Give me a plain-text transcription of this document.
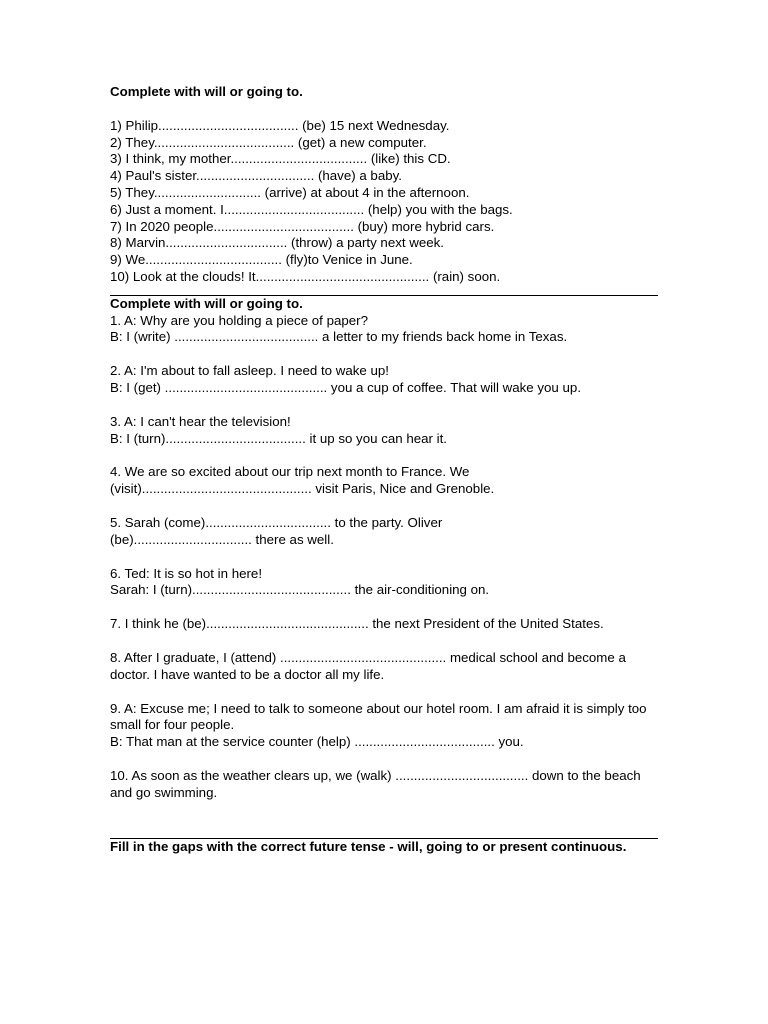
Complete with will or going to.

1) Philip...................................... (be) 15 next Wednesday.

2) They...................................... (get) a new computer.

3) I think, my mother..................................... (like) this CD.

4) Paul's sister................................ (have) a baby.

5) They............................. (arrive) at about 4 in the afternoon.

6) Just a moment. I...................................... (help) you with the bags.

7) In 2020 people...................................... (buy) more hybrid cars.

8) Marvin................................. (throw) a party next week.

9) We..................................... (fly)to Venice in June.

10) Look at the clouds! It............................................... (rain) soon.

Complete with will or going to.

1. A: Why are you holding a piece of paper?

B: I (write) ....................................... a letter to my friends back home in Texas.

2. A: I'm about to fall asleep. I need to wake up!

B: I (get) ............................................ you a cup of coffee. That will wake you up.

3. A: I can't hear the television!

B: I (turn)...................................... it up so you can hear it.

4. We are so excited about our trip next month to France. We (visit).............................................. visit Paris, Nice and Grenoble.

5. Sarah (come).................................. to the party. Oliver (be)................................ there as well.

6. Ted: It is so hot in here!

Sarah: I (turn)........................................... the air-conditioning on.

7. I think he (be)............................................ the next President of the United States.

8. After I graduate, I (attend) ............................................. medical school and become a doctor. I have wanted to be a doctor all my life.

9. A: Excuse me; I need to talk to someone about our hotel room. I am afraid it is simply too small for four people.

B: That man at the service counter (help) ...................................... you.

10. As soon as the weather clears up, we (walk) .................................... down to the beach and go swimming.

Fill in the gaps with the correct future tense - will, going to or present continuous.
